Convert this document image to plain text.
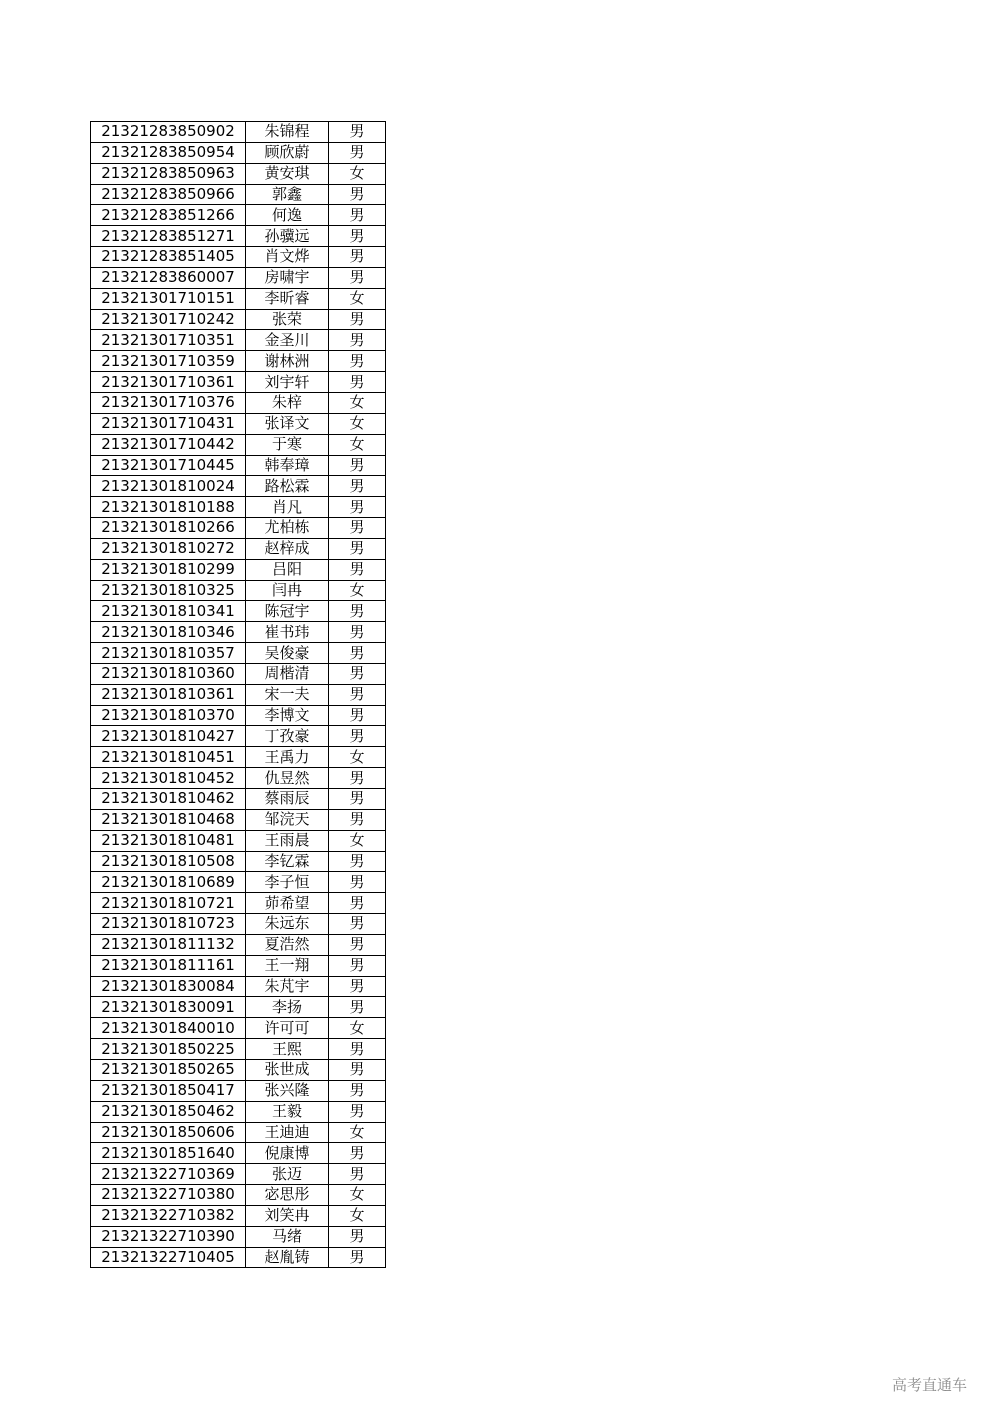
21321283850902	朱锦程	男
21321283850954	顾欣蔚	男
21321283850963	黄安琪	女
21321283850966	郭鑫	男
21321283851266	何逸	男
21321283851271	孙骥远	男
21321283851405	肖文烨	男
21321283860007	房啸宇	男
21321301710151	李昕睿	女
21321301710242	张荣	男
21321301710351	金圣川	男
21321301710359	谢林洲	男
21321301710361	刘宇轩	男
21321301710376	朱梓	女
21321301710431	张译文	女
21321301710442	于寒	女
21321301710445	韩奉璋	男
21321301810024	路松霖	男
21321301810188	肖凡	男
21321301810266	尤柏栋	男
21321301810272	赵梓成	男
21321301810299	吕阳	男
21321301810325	闫冉	女
21321301810341	陈冠宇	男
21321301810346	崔书玮	男
21321301810357	吴俊豪	男
21321301810360	周楷清	男
21321301810361	宋一夫	男
21321301810370	李博文	男
21321301810427	丁孜豪	男
21321301810451	王禹力	女
21321301810452	仇昱然	男
21321301810462	蔡雨辰	男
21321301810468	邹浣天	男
21321301810481	王雨晨	女
21321301810508	李钇霖	男
21321301810689	李子恒	男
21321301810721	茆希望	男
21321301810723	朱远东	男
21321301811132	夏浩然	男
21321301811161	王一翔	男
21321301830084	朱芃宇	男
21321301830091	李扬	男
21321301840010	许可可	女
21321301850225	王熙	男
21321301850265	张世成	男
21321301850417	张兴隆	男
21321301850462	王毅	男
21321301850606	王迪迪	女
21321301851640	倪康博	男
21321322710369	张迈	男
21321322710380	宓思彤	女
21321322710382	刘笑冉	女
21321322710390	马绪	男
21321322710405	赵胤铸	男
高考直通车
